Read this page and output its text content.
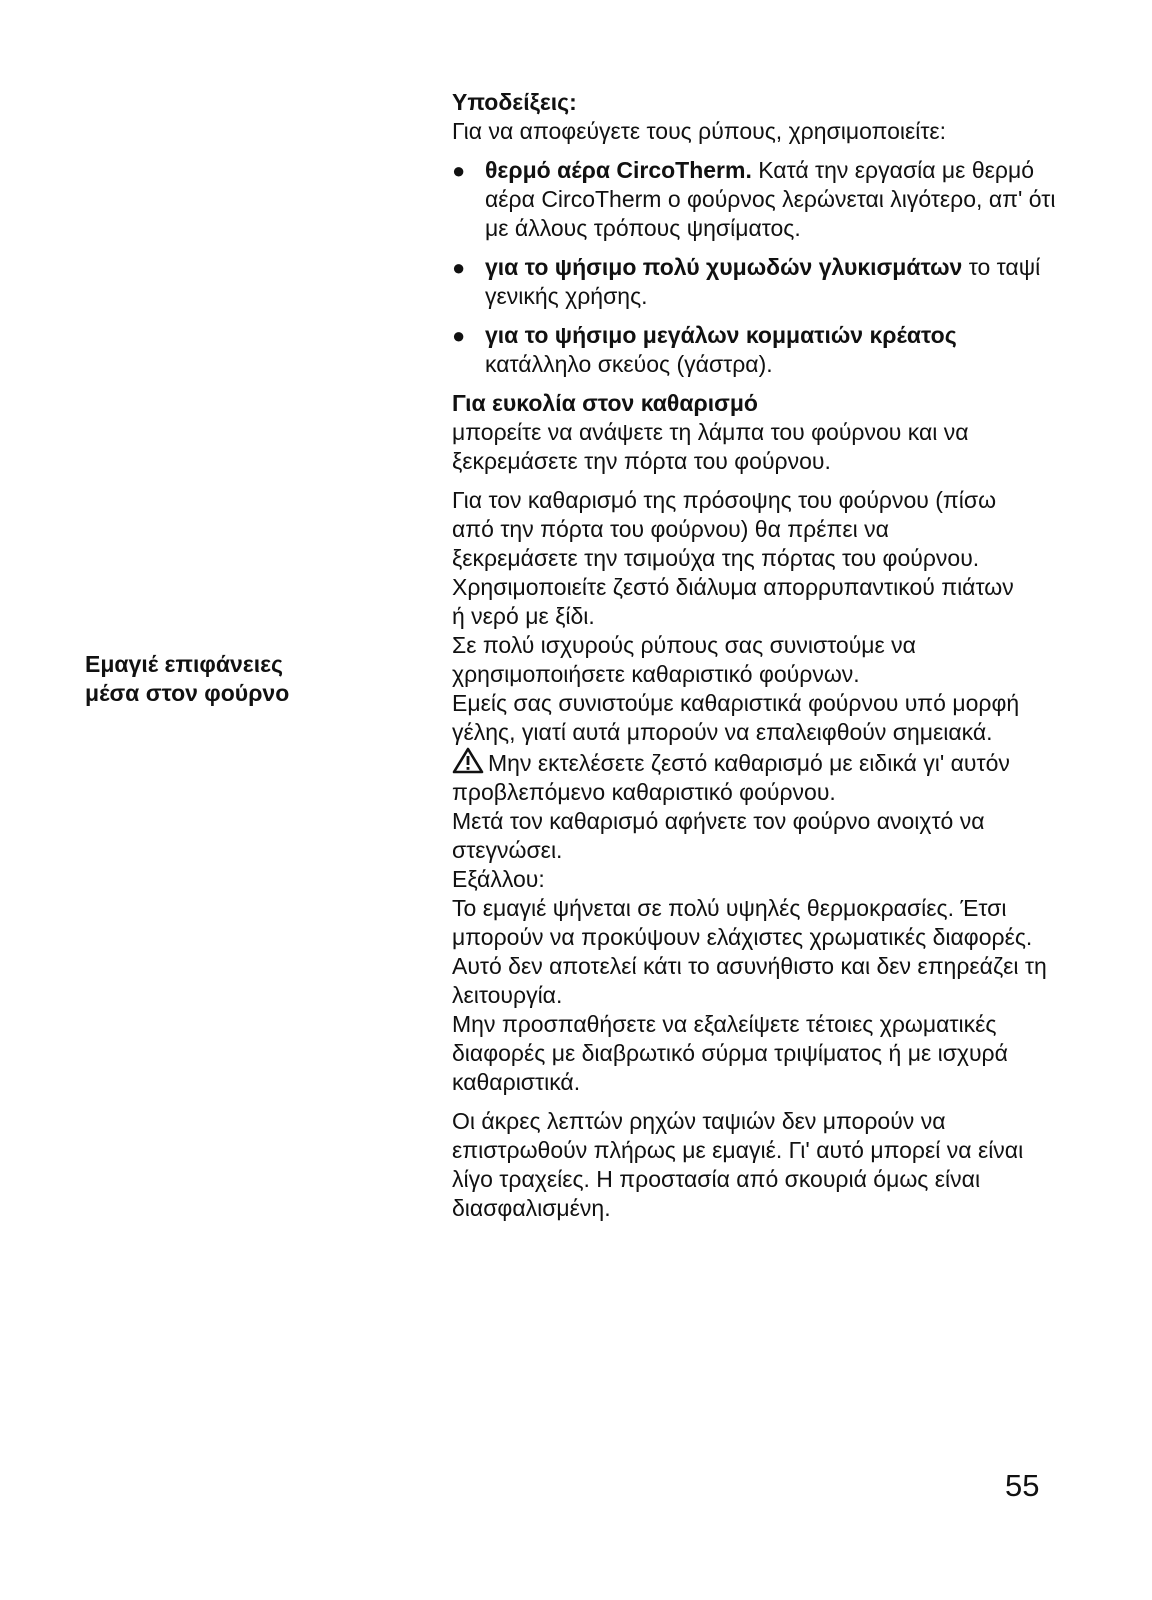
Εμαγιέ επιφάνειες
μέσα στον φούρνο
Υποδείξεις:

Για να αποφεύγετε τους ρύπους, χρησιμοποιείτε:

● θερμό αέρα CircoTherm. Κατά την εργασία με θερμό αέρα CircoTherm ο φούρνος λερώνεται λιγότερο, απ' ότι με άλλους τρόπους ψησίματος.
● για το ψήσιμο πολύ χυμωδών γλυκισμάτων το ταψί γενικής χρήσης.
● για το ψήσιμο μεγάλων κομματιών κρέατος κατάλληλο σκεύος (γάστρα).
Για ευκολία στον καθαρισμό

μπορείτε να ανάψετε τη λάμπα του φούρνου και να ξεκρεμάσετε την πόρτα του φούρνου.

Για τον καθαρισμό της πρόσοψης του φούρνου (πίσω από την πόρτα του φούρνου) θα πρέπει να ξεκρεμάσετε την τσιμούχα της πόρτας του φούρνου.

Χρησιμοποιείτε ζεστό διάλυμα απορρυπαντικού πιάτων ή νερό με ξίδι.

Σε πολύ ισχυρούς ρύπους σας συνιστούμε να χρησιμοποιήσετε καθαριστικό φούρνων.

Εμείς σας συνιστούμε καθαριστικά φούρνου υπό μορφή γέλης, γιατί αυτά μπορούν να επαλειφθούν σημειακά.

Μην εκτελέσετε ζεστό καθαρισμό με ειδικά γι' αυτόν προβλεπόμενο καθαριστικό φούρνου.

Μετά τον καθαρισμό αφήνετε τον φούρνο ανοιχτό να στεγνώσει.

Εξάλλου:

Το εμαγιέ ψήνεται σε πολύ υψηλές θερμοκρασίες. Έτσι μπορούν να προκύψουν ελάχιστες χρωματικές διαφορές. Αυτό δεν αποτελεί κάτι το ασυνήθιστο και δεν επηρεάζει τη λειτουργία.

Μην προσπαθήσετε να εξαλείψετε τέτοιες χρωματικές διαφορές με διαβρωτικό σύρμα τριψίματος ή με ισχυρά καθαριστικά.

Οι άκρες λεπτών ρηχών ταψιών δεν μπορούν να επιστρωθούν πλήρως με εμαγιέ. Γι' αυτό μπορεί να είναι λίγο τραχείες. Η προστασία από σκουριά όμως είναι διασφαλισμένη.

55
